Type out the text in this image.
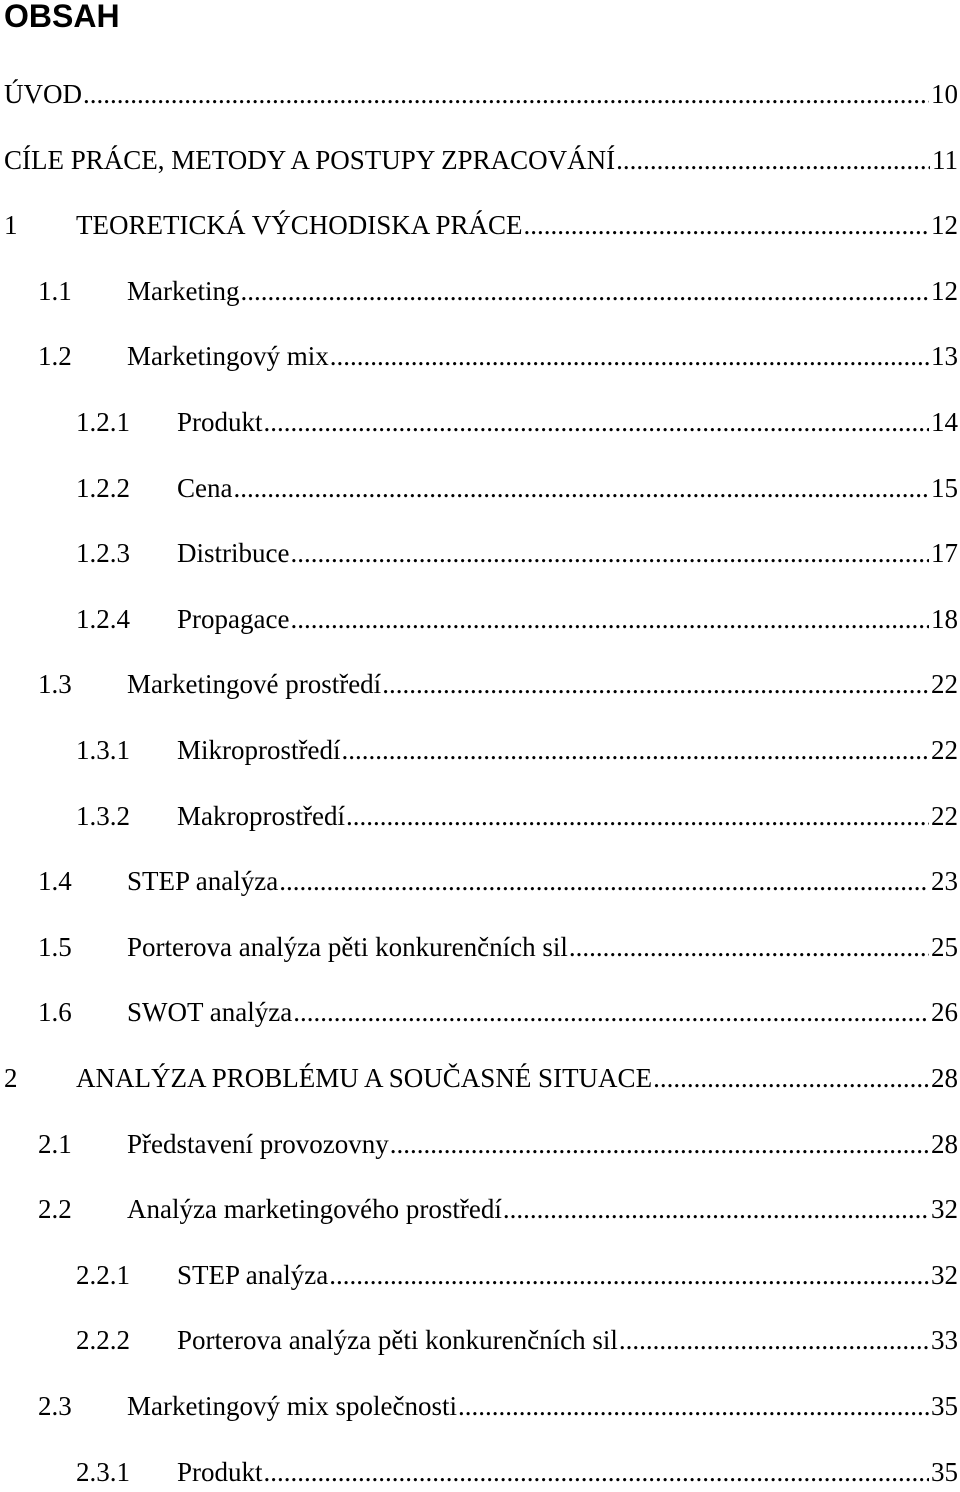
OBSAH
ÚVOD .....	10
CÍLE PRÁCE, METODY A POSTUPY ZPRACOVÁNÍ .....	11
1 TEORETICKÁ VÝCHODISKA PRÁCE .....	12
1.1 Marketing .....	12
1.2 Marketingový mix .....	13
1.2.1 Produkt .....	14
1.2.2 Cena .....	15
1.2.3 Distribuce .....	17
1.2.4 Propagace .....	18
1.3 Marketingové prostředí .....	22
1.3.1 Mikroprostředí .....	22
1.3.2 Makroprostředí .....	22
1.4 STEP analýza .....	23
1.5 Porterova analýza pěti konkurenčních sil .....	25
1.6 SWOT analýza .....	26
2 ANALÝZA PROBLÉMU A SOUČASNÉ SITUACE .....	28
2.1 Představení provozovny .....	28
2.2 Analýza marketingového prostředí .....	32
2.2.1 STEP analýza .....	32
2.2.2 Porterova analýza pěti konkurenčních sil .....	33
2.3 Marketingový mix společnosti .....	35
2.3.1 Produkt .....	35
